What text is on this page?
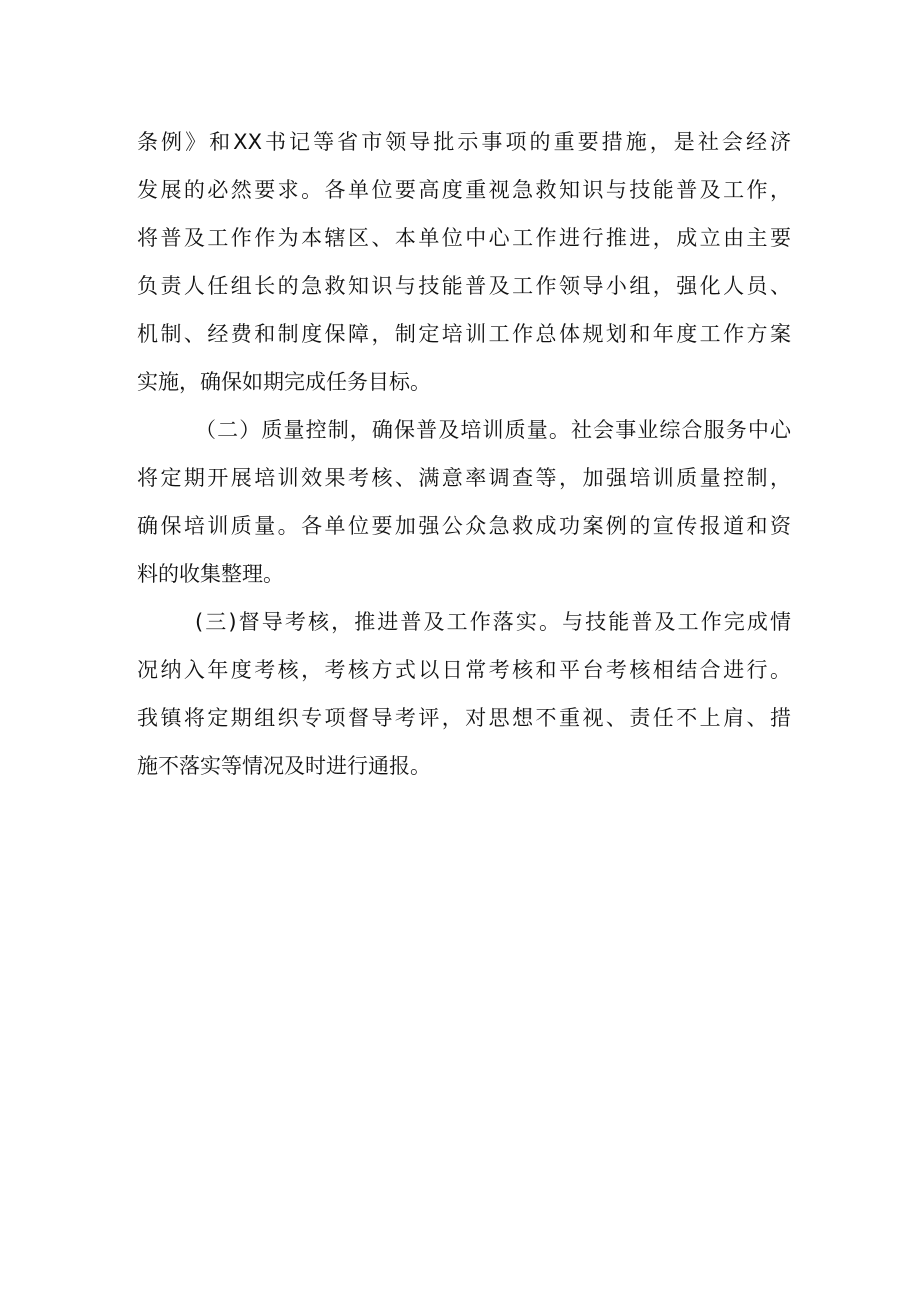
条例》和XX书记等省市领导批示事项的重要措施，是社会经济
发展的必然要求。各单位要高度重视急救知识与技能普及工作，
将普及工作作为本辖区、本单位中心工作进行推进，成立由主要
负责人任组长的急救知识与技能普及工作领导小组，强化人员、
机制、经费和制度保障，制定培训工作总体规划和年度工作方案
实施，确保如期完成任务目标。
（二）质量控制，确保普及培训质量。社会事业综合服务中心
将定期开展培训效果考核、满意率调查等，加强培训质量控制，
确保培训质量。各单位要加强公众急救成功案例的宣传报道和资
料的收集整理。
(三)督导考核，推进普及工作落实。与技能普及工作完成情
况纳入年度考核，考核方式以日常考核和平台考核相结合进行。
我镇将定期组织专项督导考评，对思想不重视、责任不上肩、措
施不落实等情况及时进行通报。
